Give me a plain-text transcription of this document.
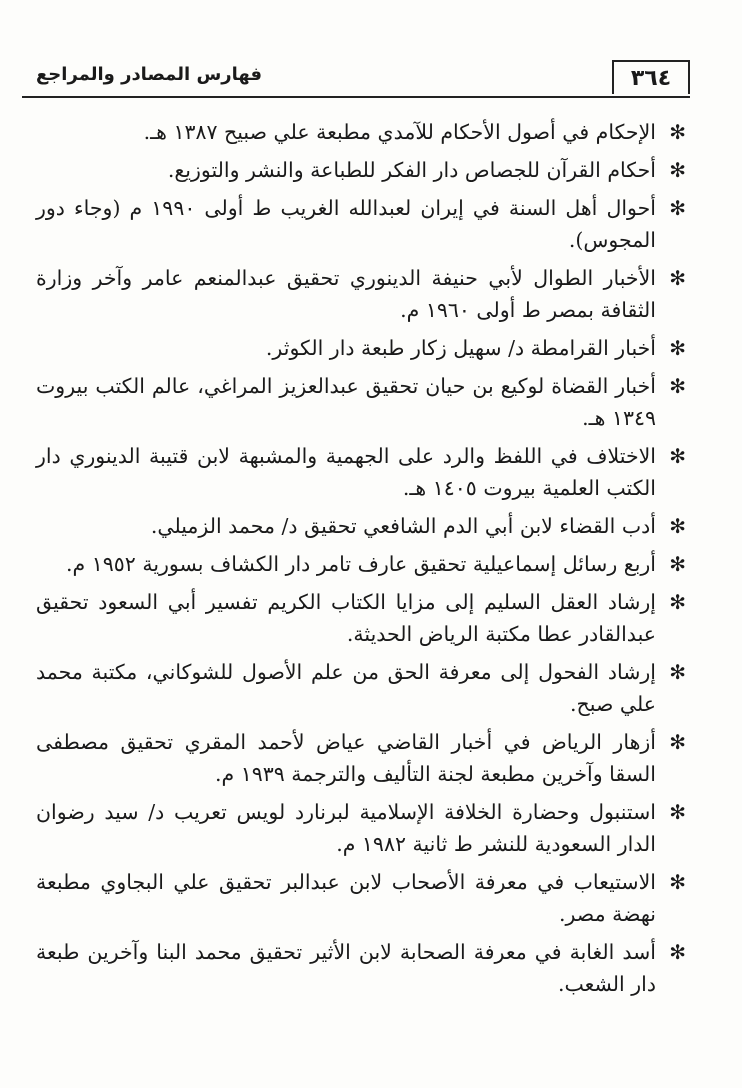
٣٦٤
فهارس المصادر والمراجع
✻
الإحكام في أصول الأحكام للآمدي مطبعة علي صبيح ١٣٨٧ هـ.
✻
أحكام القرآن للجصاص دار الفكر للطباعة والنشر والتوزيع.
✻
أحوال أهل السنة في إيران لعبدالله الغريب ط أولى ١٩٩٠ م (وجاء دور المجوس).
✻
الأخبار الطوال لأبي حنيفة الدينوري تحقيق عبدالمنعم عامر وآخر وزارة الثقافة بمصر ط أولى ١٩٦٠ م.
✻
أخبار القرامطة د/ سهيل زكار طبعة دار الكوثر.
✻
أخبار القضاة لوكيع بن حيان تحقيق عبدالعزيز المراغي، عالم الكتب بيروت ١٣٤٩ هـ.
✻
الاختلاف في اللفظ والرد على الجهمية والمشبهة لابن قتيبة الدينوري دار الكتب العلمية بيروت ١٤٠٥ هـ.
✻
أدب القضاء لابن أبي الدم الشافعي تحقيق د/ محمد الزميلي.
✻
أربع رسائل إسماعيلية تحقيق عارف تامر دار الكشاف بسورية ١٩٥٢ م.
✻
إرشاد العقل السليم إلى مزايا الكتاب الكريم تفسير أبي السعود تحقيق عبدالقادر عطا مكتبة الرياض الحديثة.
✻
إرشاد الفحول إلى معرفة الحق من علم الأصول للشوكاني، مكتبة محمد علي صبح.
✻
أزهار الرياض في أخبار القاضي عياض لأحمد المقري تحقيق مصطفى السقا وآخرين مطبعة لجنة التأليف والترجمة ١٩٣٩ م.
✻
استنبول وحضارة الخلافة الإسلامية لبرنارد لويس تعريب د/ سيد رضوان الدار السعودية للنشر ط ثانية ١٩٨٢ م.
✻
الاستيعاب في معرفة الأصحاب لابن عبدالبر تحقيق علي البجاوي مطبعة نهضة مصر.
✻
أسد الغابة في معرفة الصحابة لابن الأثير تحقيق محمد البنا وآخرين طبعة دار الشعب.
